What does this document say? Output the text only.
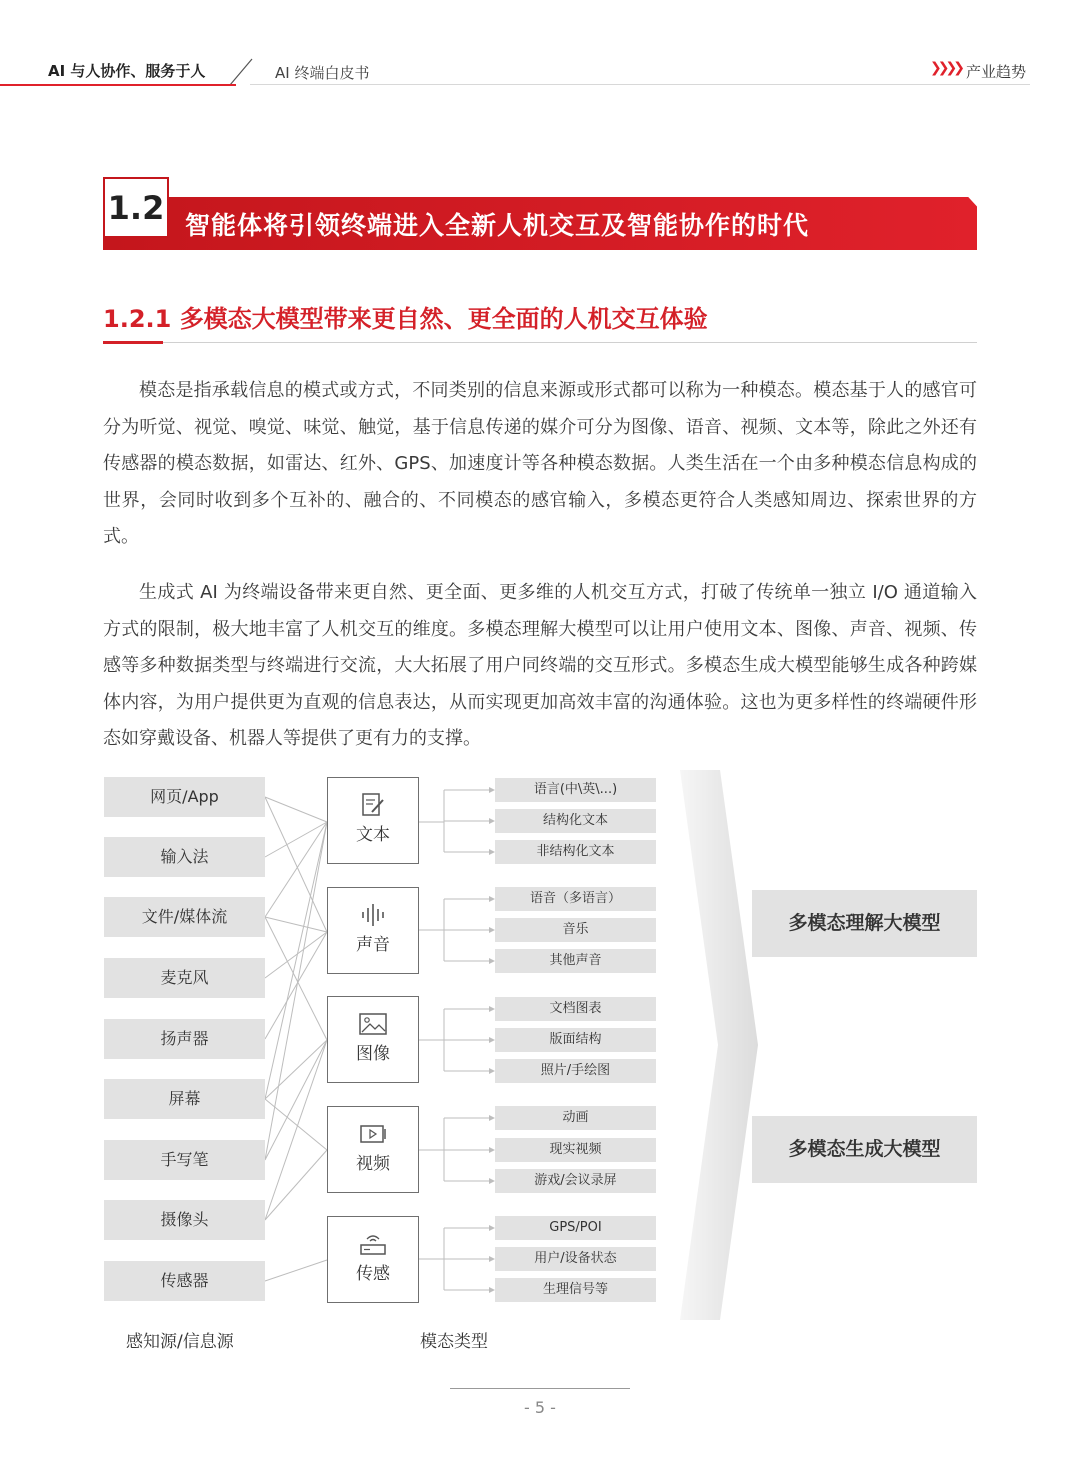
AI 与人协作、服务于人	AI 终端白皮书	❯❯❯❯ 产业趋势
1.2 智能体将引领终端进入全新人机交互及智能协作的时代
1.2.1 多模态大模型带来更自然、更全面的人机交互体验

模态是指承载信息的模式或方式，不同类别的信息来源或形式都可以称为一种模态。模态基于人的感官可分为听觉、视觉、嗅觉、味觉、触觉，基于信息传递的媒介可分为图像、语音、视频、文本等，除此之外还有传感器的模态数据，如雷达、红外、GPS、加速度计等各种模态数据。人类生活在一个由多种模态信息构成的世界，会同时收到多个互补的、融合的、不同模态的感官输入，多模态更符合人类感知周边、探索世界的方式。

生成式 AI 为终端设备带来更自然、更全面、更多维的人机交互方式，打破了传统单一独立 I/O 通道输入方式的限制，极大地丰富了人机交互的维度。多模态理解大模型可以让用户使用文本、图像、声音、视频、传感等多种数据类型与终端进行交流，大大拓展了用户同终端的交互形式。多模态生成大模型能够生成各种跨媒体内容，为用户提供更为直观的信息表达，从而实现更加高效丰富的沟通体验。这也为更多样性的终端硬件形态如穿戴设备、机器人等提供了更有力的支撑。

网页/App
输入法
文件/媒体流
麦克风
扬声器
屏幕
手写笔
摄像头
传感器
文本
声音
图像
视频
传感
语言(中\英\...)
结构化文本
非结构化文本
语音（多语言）
音乐
其他声音
文档图表
版面结构
照片/手绘图
动画
现实视频
游戏/会议录屏
GPS/POI
用户/设备状态
生理信号等
多模态理解大模型
多模态生成大模型
感知源/信息源	模态类型
- 5 -
